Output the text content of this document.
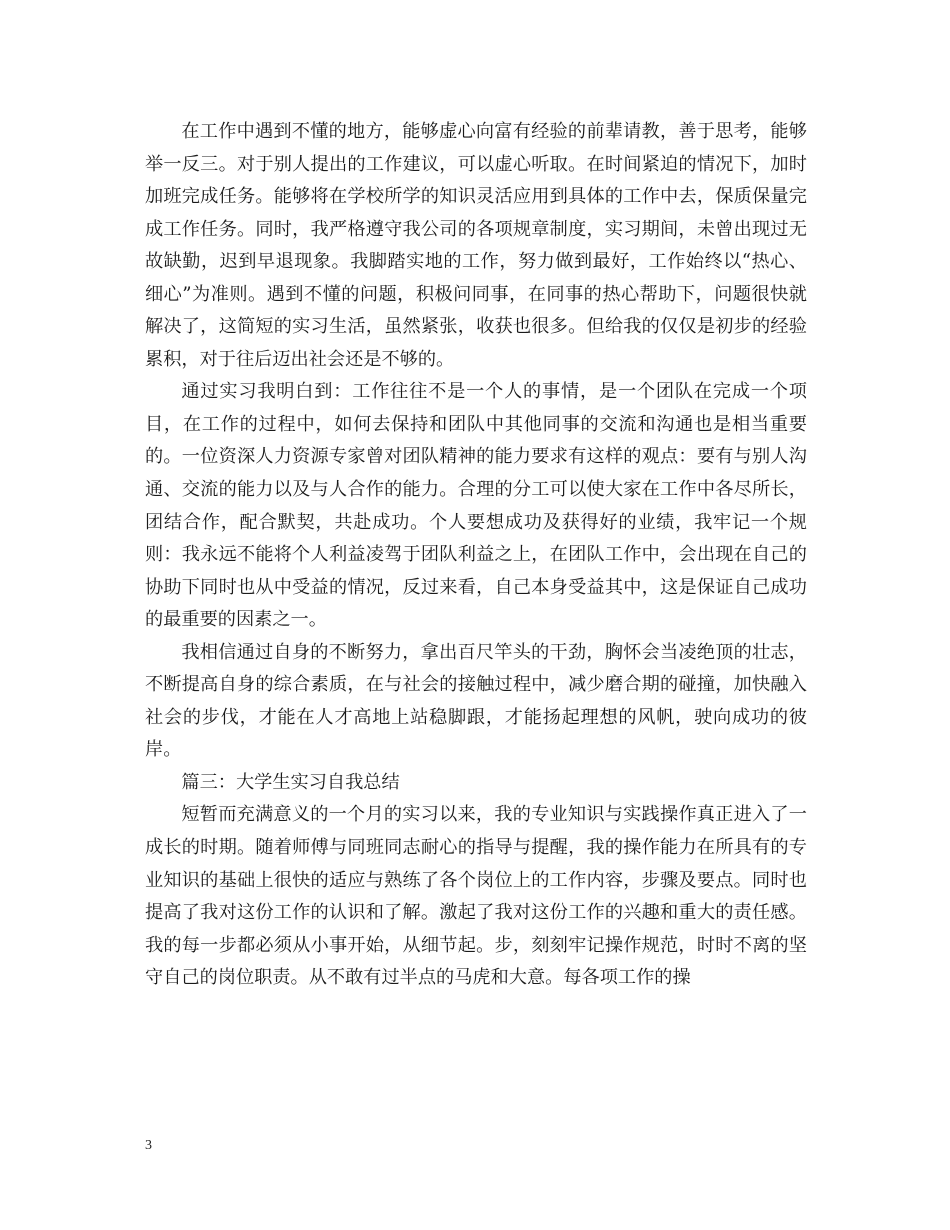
在工作中遇到不懂的地方，能够虚心向富有经验的前辈请教，善于思考，能够举一反三。对于别人提出的工作建议，可以虚心听取。在时间紧迫的情况下，加时加班完成任务。能够将在学校所学的知识灵活应用到具体的工作中去，保质保量完成工作任务。同时，我严格遵守我公司的各项规章制度，实习期间，未曾出现过无故缺勤，迟到早退现象。我脚踏实地的工作，努力做到最好，工作始终以“热心、细心”为准则。遇到不懂的问题，积极问同事，在同事的热心帮助下，问题很快就解决了，这简短的实习生活，虽然紧张，收获也很多。但给我的仅仅是初步的经验累积，对于往后迈出社会还是不够的。

通过实习我明白到：工作往往不是一个人的事情，是一个团队在完成一个项目，在工作的过程中，如何去保持和团队中其他同事的交流和沟通也是相当重要的。一位资深人力资源专家曾对团队精神的能力要求有这样的观点：要有与别人沟通、交流的能力以及与人合作的能力。合理的分工可以使大家在工作中各尽所长，团结合作，配合默契，共赴成功。个人要想成功及获得好的业绩，我牢记一个规则：我永远不能将个人利益凌驾于团队利益之上，在团队工作中，会出现在自己的协助下同时也从中受益的情况，反过来看，自己本身受益其中，这是保证自己成功的最重要的因素之一。

我相信通过自身的不断努力，拿出百尺竿头的干劲，胸怀会当凌绝顶的壮志，不断提高自身的综合素质，在与社会的接触过程中，减少磨合期的碰撞，加快融入社会的步伐，才能在人才高地上站稳脚跟，才能扬起理想的风帆，驶向成功的彼岸。

篇三：大学生实习自我总结

短暂而充满意义的一个月的实习以来，我的专业知识与实践操作真正进入了一成长的时期。随着师傅与同班同志耐心的指导与提醒，我的操作能力在所具有的专业知识的基础上很快的适应与熟练了各个岗位上的工作内容，步骤及要点。同时也提高了我对这份工作的认识和了解。激起了我对这份工作的兴趣和重大的责任感。我的每一步都必须从小事开始，从细节起。步，刻刻牢记操作规范，时时不离的坚守自己的岗位职责。从不敢有过半点的马虎和大意。每各项工作的操

3
